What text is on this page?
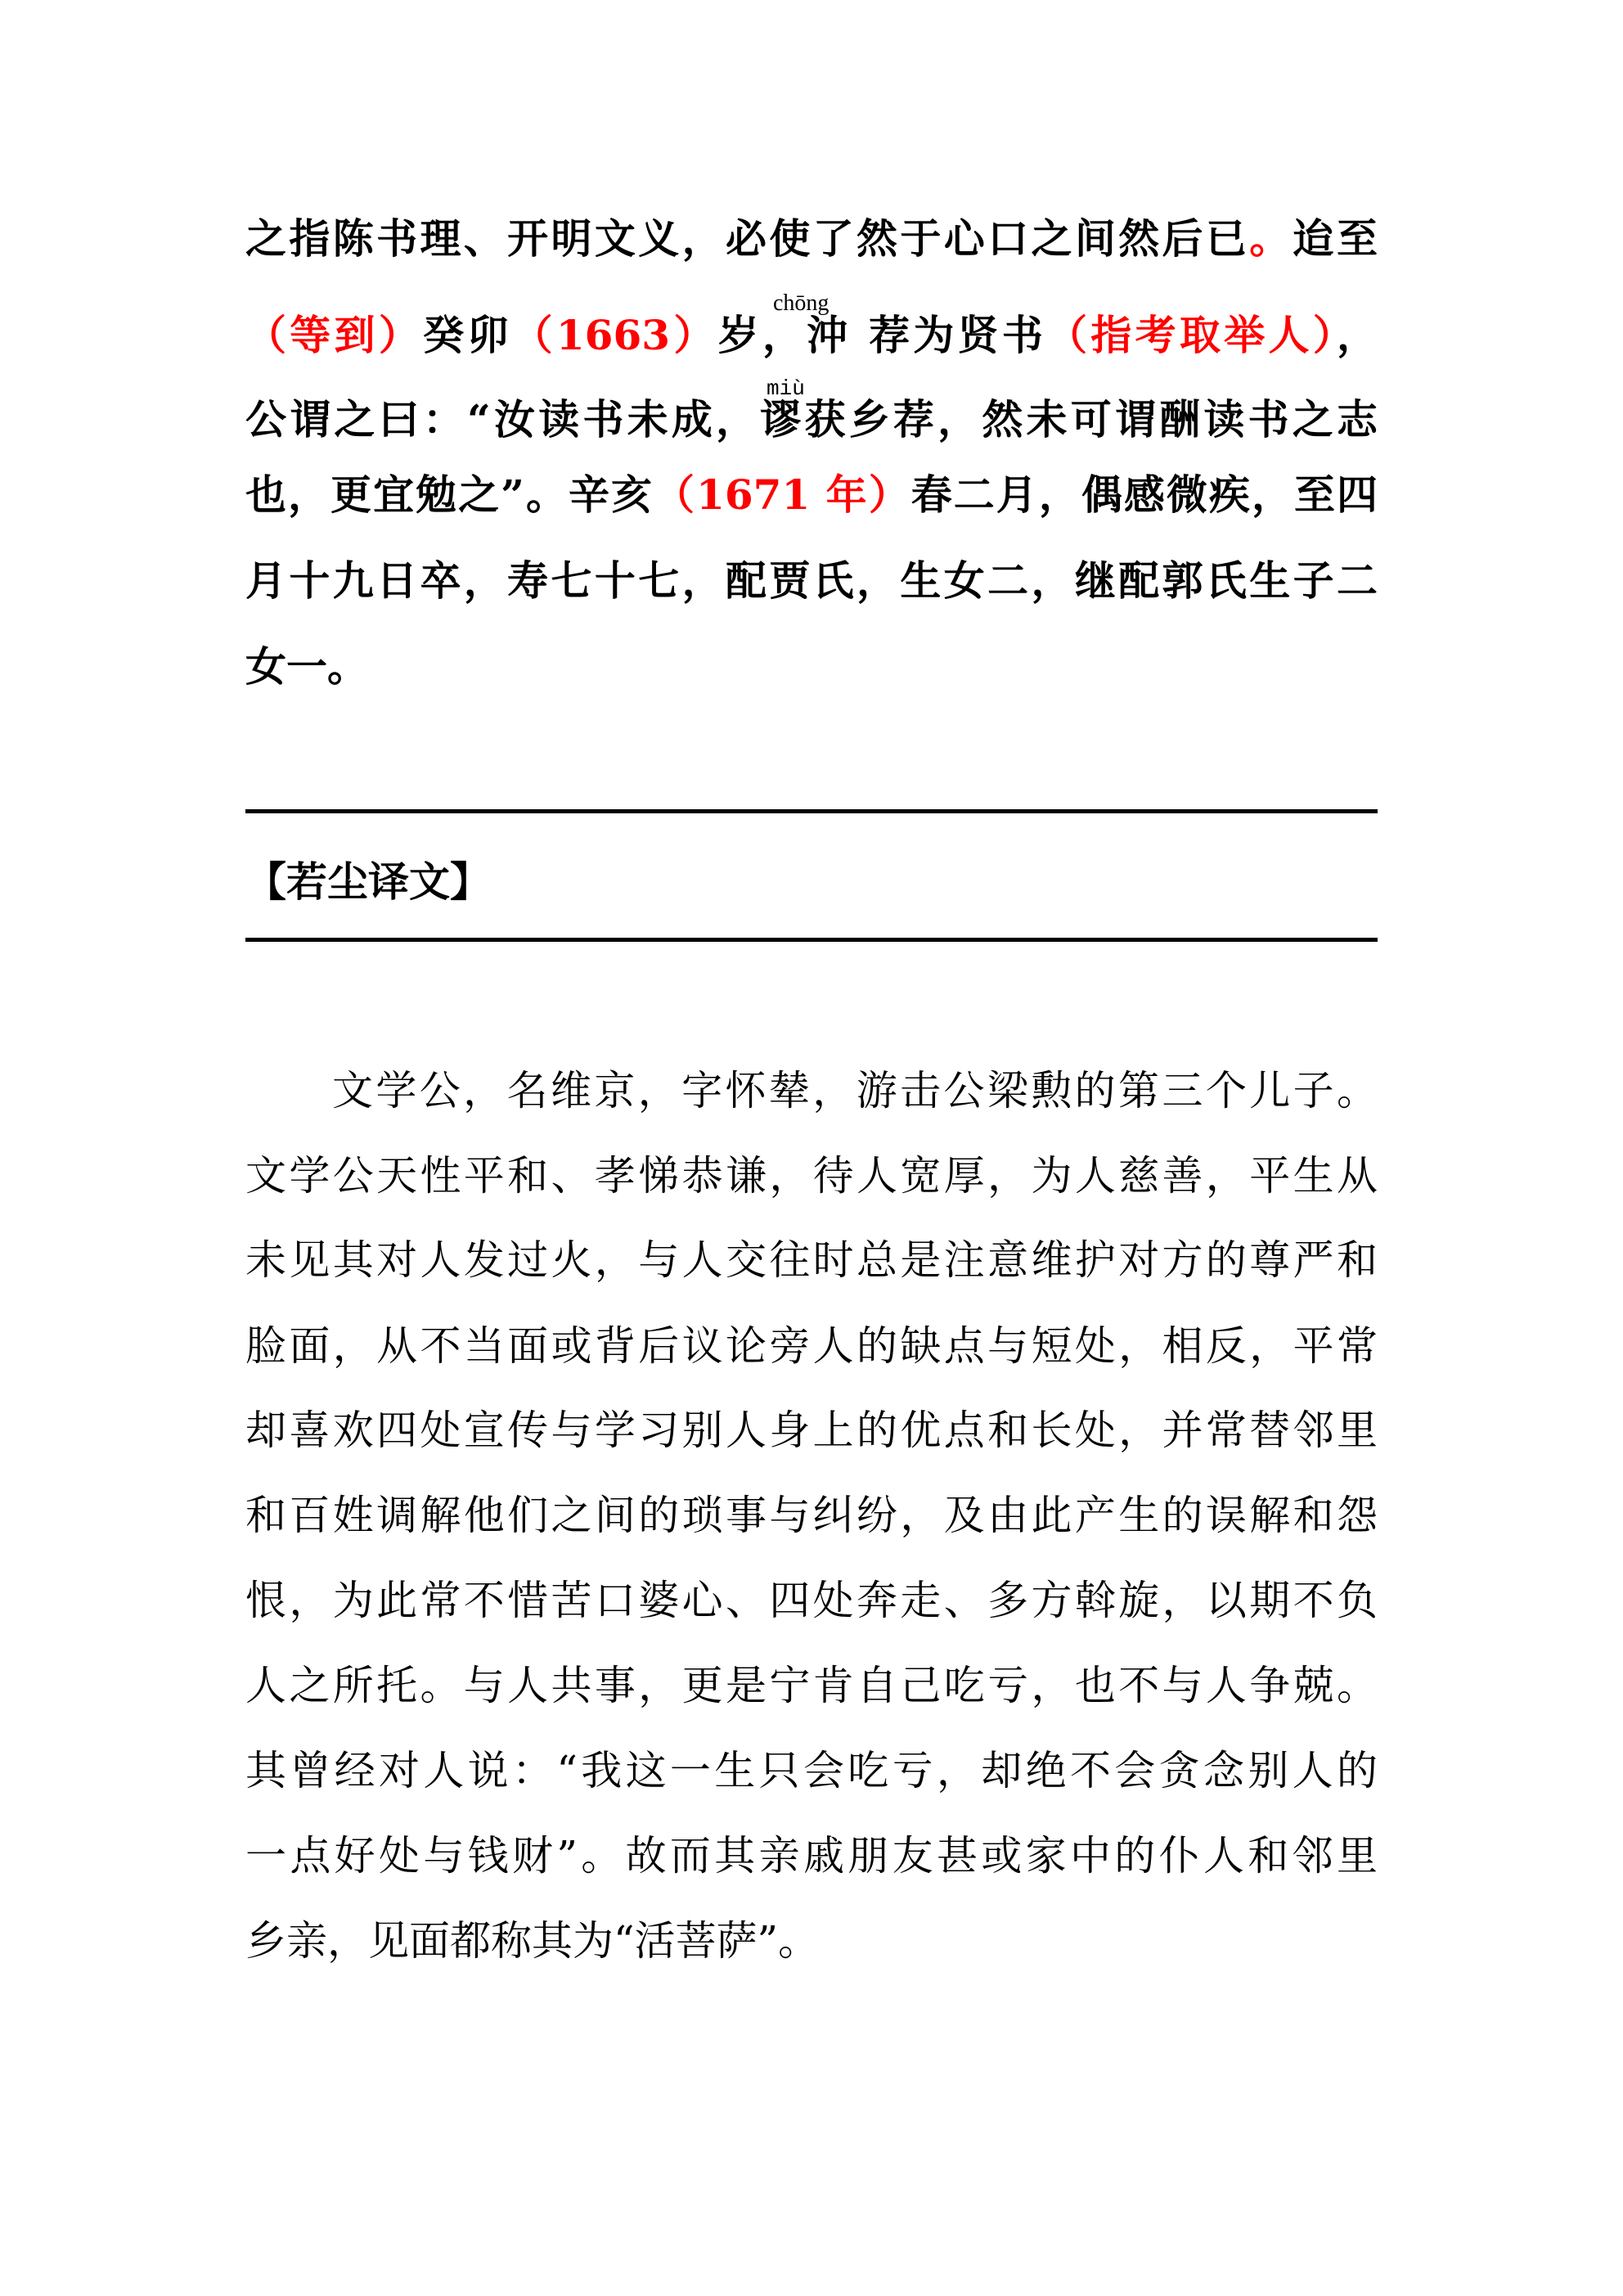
之指陈书理、开明文义，必使了然于心口之间然后已。迨至
chōng
（等到）癸卯（1663）岁，沖 荐为贤书（指考取举人），
miù
公谓之曰：“汝读书未成，谬获乡荐，然未可谓酬读书之志
也，更宜勉之”。辛亥（1671 年）春二月，偶感微疾，至四
月十九日卒，寿七十七，配贾氏，生女二，继配郭氏生子二
女一。
【若尘译文】
文学公，名维京，字怀辇，游击公梁勲的第三个儿子。
文学公天性平和、孝悌恭谦，待人宽厚，为人慈善，平生从
未见其对人发过火，与人交往时总是注意维护对方的尊严和
脸面，从不当面或背后议论旁人的缺点与短处，相反，平常
却喜欢四处宣传与学习别人身上的优点和长处，并常替邻里
和百姓调解他们之间的琐事与纠纷，及由此产生的误解和怨
恨，为此常不惜苦口婆心、四处奔走、多方斡旋，以期不负
人之所托。与人共事，更是宁肯自己吃亏，也不与人争兢。
其曾经对人说：“我这一生只会吃亏，却绝不会贪念别人的
一点好处与钱财”。故而其亲戚朋友甚或家中的仆人和邻里
乡亲，见面都称其为“活菩萨”。
